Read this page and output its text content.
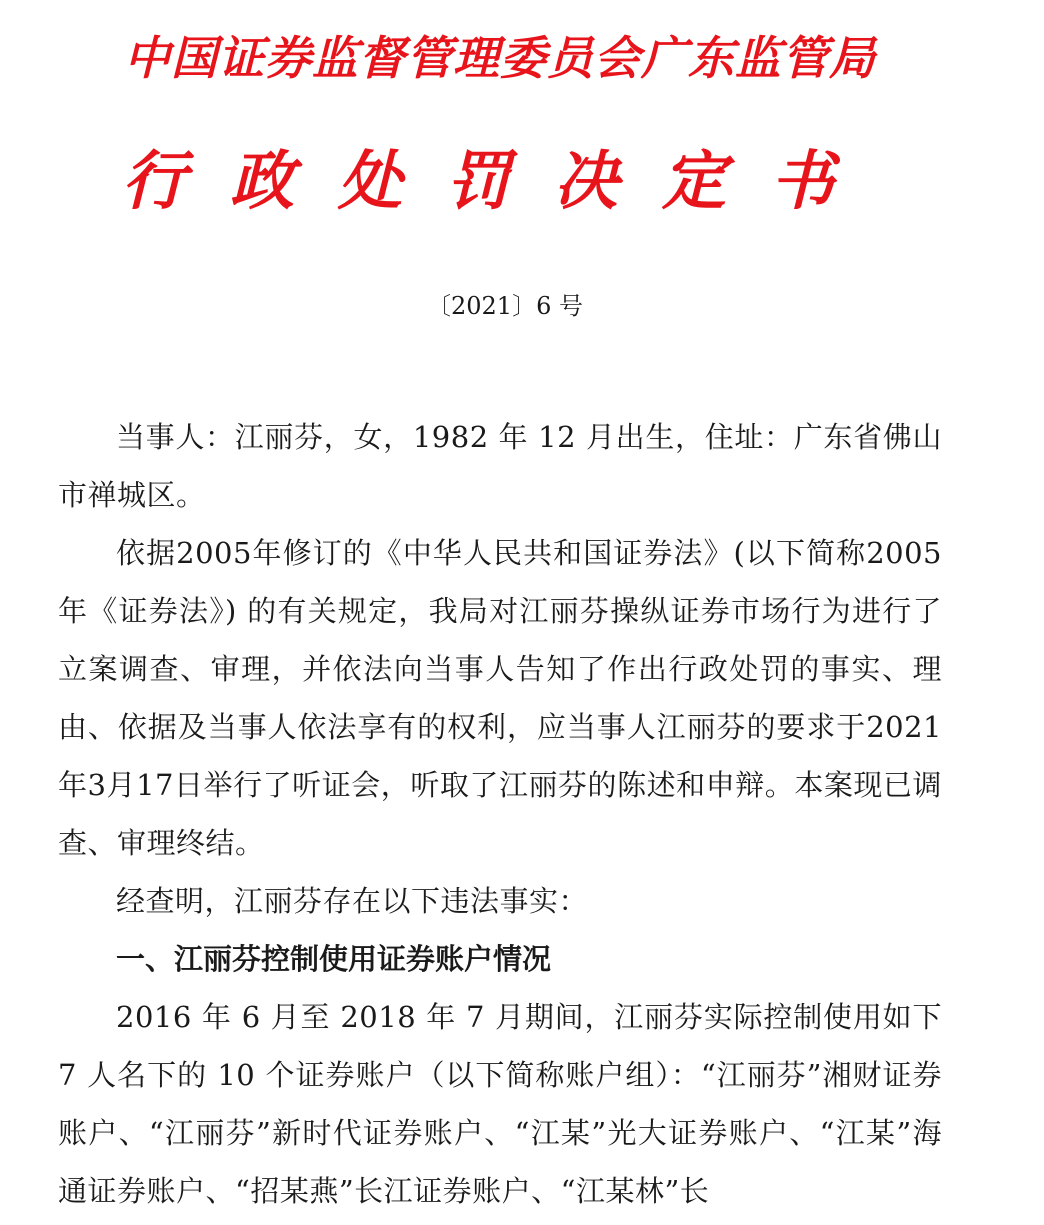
中国证券监督管理委员会广东监管局
行政处罚决定书
〔2021〕6 号

当事人：江丽芬，女，1982 年 12 月出生，住址：广东省佛山市禅城区。

依据2005年修订的《中华人民共和国证券法》(以下简称2005年《证券法》) 的有关规定，我局对江丽芬操纵证券市场行为进行了立案调查、审理，并依法向当事人告知了作出行政处罚的事实、理由、依据及当事人依法享有的权利，应当事人江丽芬的要求于2021年3月17日举行了听证会，听取了江丽芬的陈述和申辩。本案现已调查、审理终结。

经查明，江丽芬存在以下违法事实：

一、江丽芬控制使用证券账户情况

2016 年 6 月至 2018 年 7 月期间，江丽芬实际控制使用如下 7 人名下的 10 个证券账户（以下简称账户组）：“江丽芬”湘财证券账户、“江丽芬”新时代证券账户、“江某”光大证券账户、“江某”海通证券账户、“招某燕”长江证券账户、“江某林”长
